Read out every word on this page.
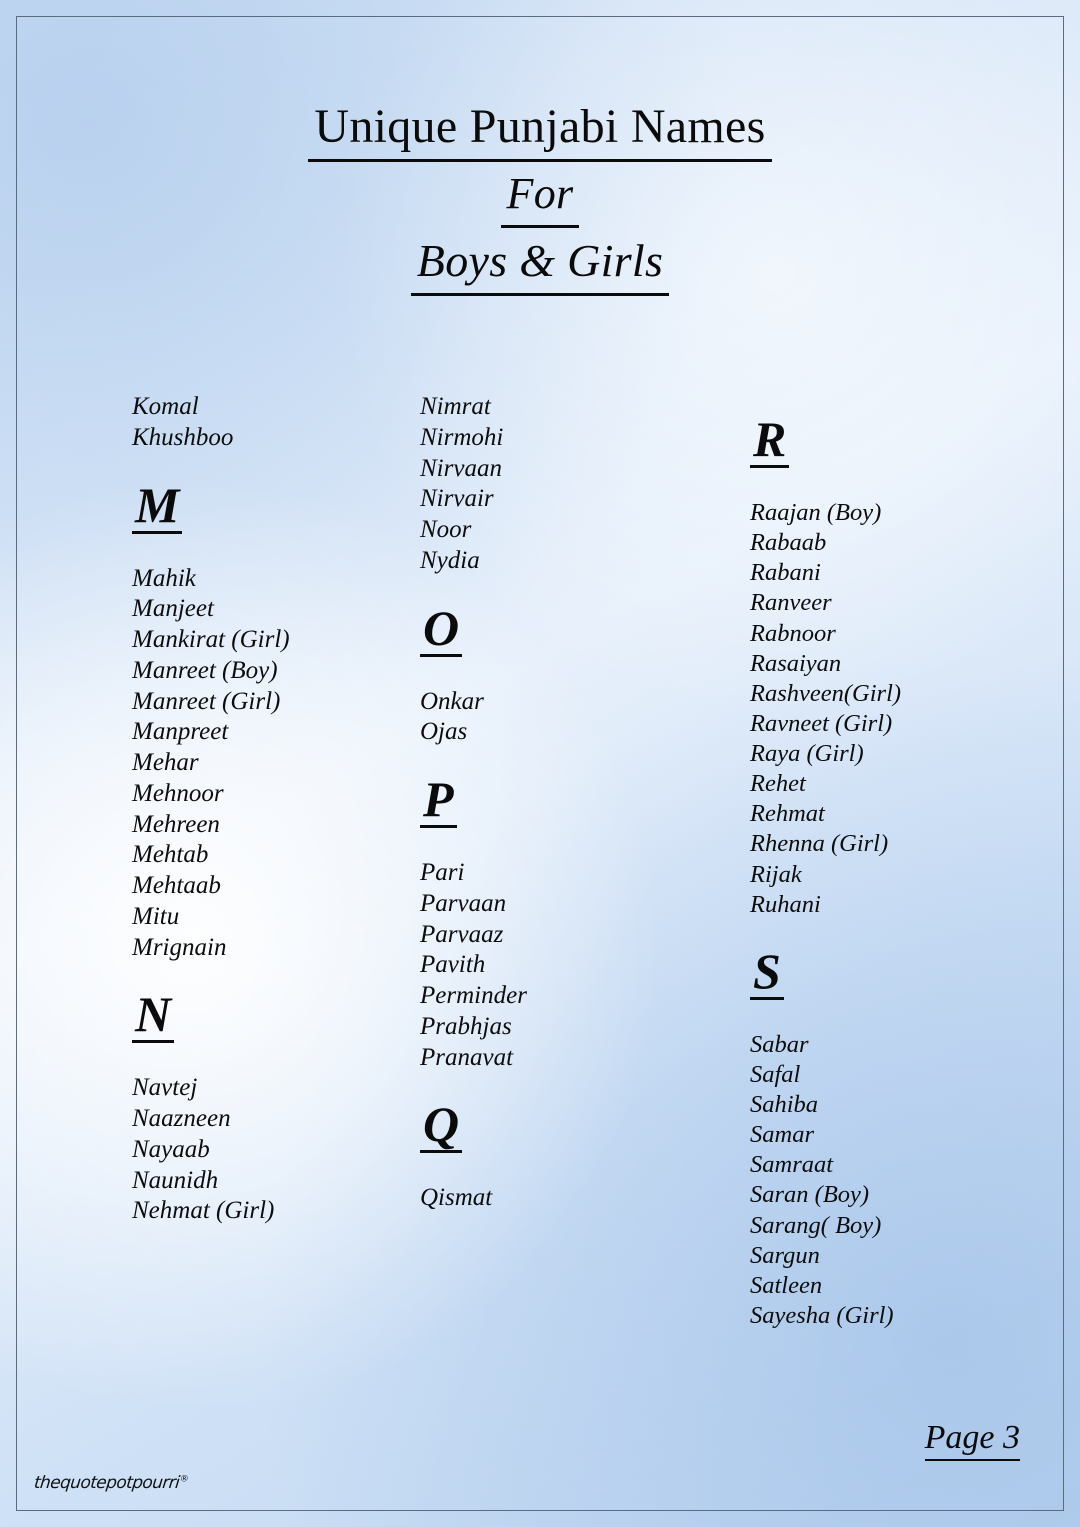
Unique Punjabi Names
For
Boys & Girls
Komal
Khushboo
M
Mahik
Manjeet
Mankirat (Girl)
Manreet (Boy)
Manreet (Girl)
Manpreet
Mehar
Mehnoor
Mehreen
Mehtab
Mehtaab
Mitu
Mrignain
N
Navtej
Naazneen
Nayaab
Naunidh
Nehmat (Girl)
Nimrat
Nirmohi
Nirvaan
Nirvair
Noor
Nydia
O
Onkar
Ojas
P
Pari
Parvaan
Parvaaz
Pavith
Perminder
Prabhjas
Pranavat
Q
Qismat
R
Raajan (Boy)
Rabaab
Rabani
Ranveer
Rabnoor
Rasaiyan
Rashveen(Girl)
Ravneet (Girl)
Raya (Girl)
Rehet
Rehmat
Rhenna (Girl)
Rijak
Ruhani
S
Sabar
Safal
Sahiba
Samar
Samraat
Saran (Boy)
Sarang( Boy)
Sargun
Satleen
Sayesha (Girl)
Page 3
thequotepotpourri®
